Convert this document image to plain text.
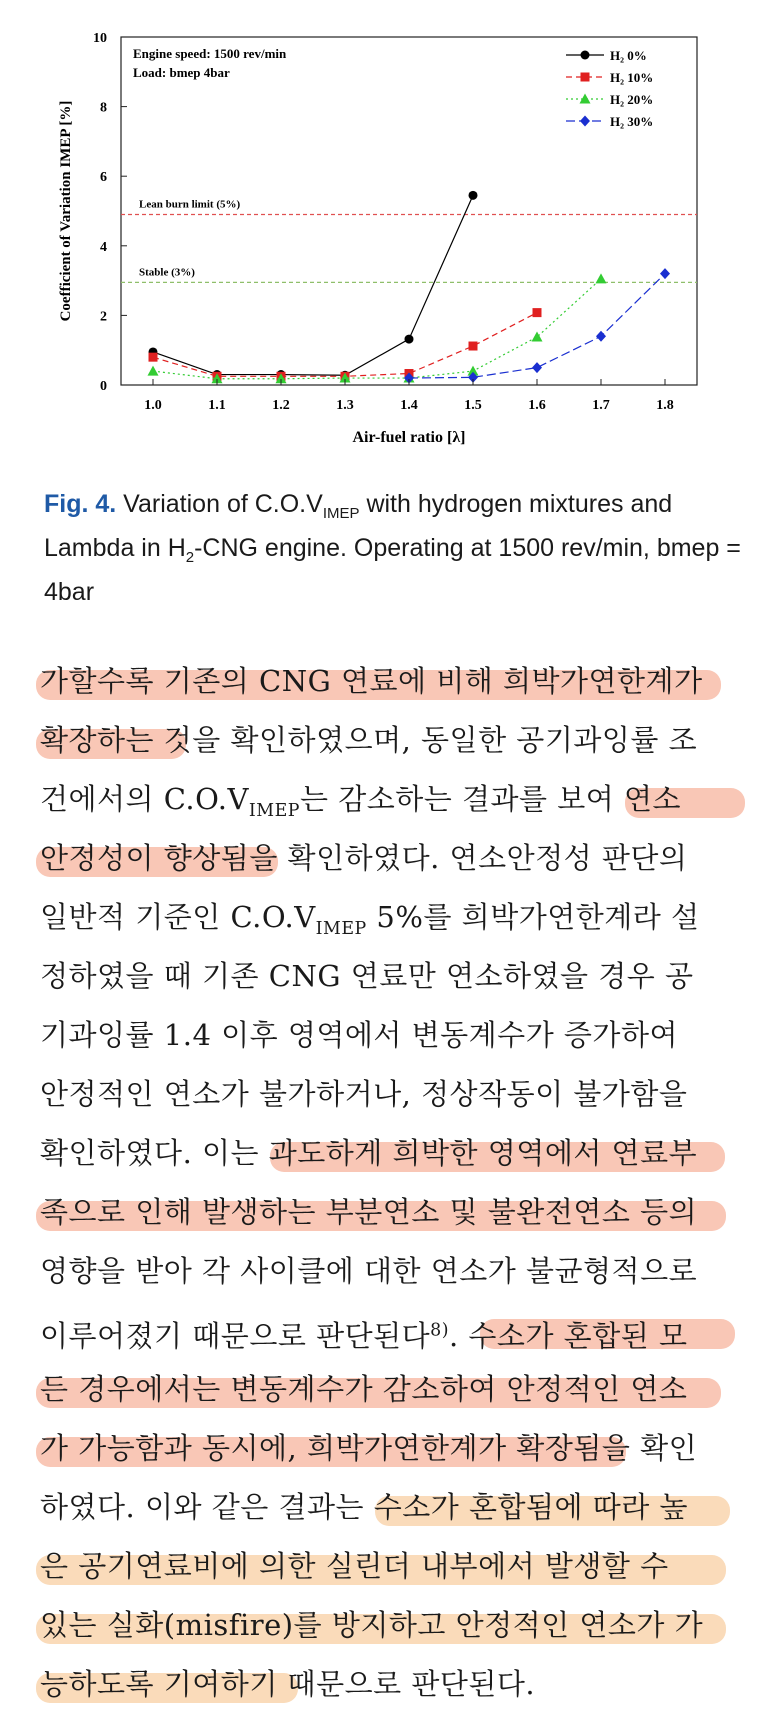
Lean burn limit (5%)
Stable (3%)
1.0	1.1	1.2	1.3	1.4	1.5	1.6	1.7	1.8
0
2
4
6
8
10
Engine speed: 1500 rev/min
Load: bmep 4bar
H₂ 0%
H₂ 10%
H₂ 20%
H₂ 30%
Air-fuel ratio [λ]
Coefficient of Variation IMEP [%]
Fig. 4. Variation of $C.O.V_{IMEP}$ with hydrogen mixtures and Lambda in $H_2$-CNG engine. Operating at 1500 rev/min, bmep = 4bar
가할수록 기존의 CNG 연료에 비해 희박가연한계가
확장하는 것을 확인하였으며, 동일한 공기과잉률 조
건에서의 $C.O.V_{IMEP}$는 감소하는 결과를 보여 연소
안정성이 향상됨을 확인하였다. 연소안정성 판단의
일반적 기준인 $C.O.V_{IMEP}$ 5%를 희박가연한계라 설
정하였을 때 기존 CNG 연료만 연소하였을 경우 공
기과잉률 1.4 이후 영역에서 변동계수가 증가하여
안정적인 연소가 불가하거나, 정상작동이 불가함을
확인하였다. 이는 과도하게 희박한 영역에서 연료부
족으로 인해 발생하는 부분연소 및 불완전연소 등의
영향을 받아 각 사이클에 대한 연소가 불균형적으로
이루어졌기 때문으로 판단된다$^{8)}$. 수소가 혼합된 모
든 경우에서는 변동계수가 감소하여 안정적인 연소
가 가능함과 동시에, 희박가연한계가 확장됨을 확인
하였다. 이와 같은 결과는 수소가 혼합됨에 따라 높
은 공기연료비에 의한 실린더 내부에서 발생할 수
있는 실화(misfire)를 방지하고 안정적인 연소가 가
능하도록 기여하기 때문으로 판단된다.
